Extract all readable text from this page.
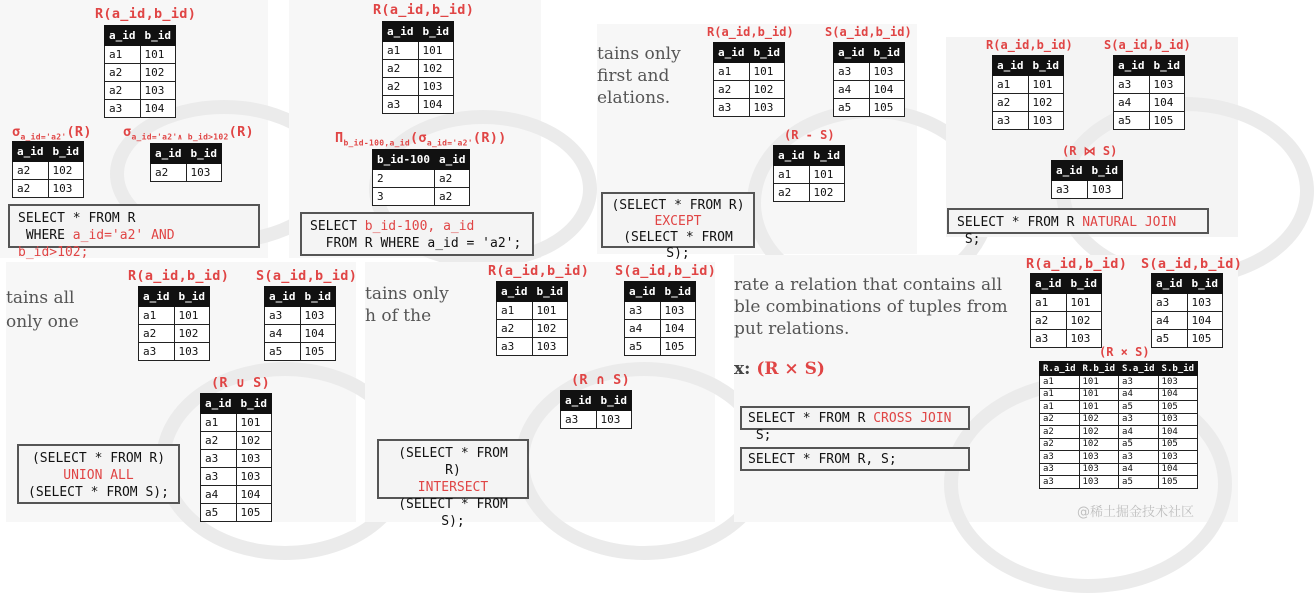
R(a_id,b_id)
a_id	b_id
a1	101
a2	102
a2	103
a3	104
$\sigma_{a\_id='a2'}(R)$ $\sigma_{a\_id='a2'\wedge b\_id>102}(R)$
a_id	b_id
a2	102
a2	103
a_id	b_id
a2	103
SELECT * FROM R
WHERE a_id='a2' AND b_id>102;
R(a_id,b_id)
a_id	b_id
a1	101
a2	102
a2	103
a3	104
$\Pi_{b\_id-100,a\_id}(\sigma_{a\_id='a2'}(R))$
b_id-100	a_id
2	a2
3	a2
SELECT b_id-100, a_id
FROM R WHERE a_id = 'a2';
tains only
first and
elations.
R(a_id,b_id)	S(a_id,b_id)
a_id	b_id
a1	101
a2	102
a3	103
a_id	b_id
a3	103
a4	104
a5	105
(R - S)
a_id	b_id
a1	101
a2	102
(SELECT * FROM R)
EXCEPT
(SELECT * FROM S);
R(a_id,b_id)	S(a_id,b_id)
a_id	b_id
a1	101
a2	102
a3	103
a_id	b_id
a3	103
a4	104
a5	105
(R ⋈ S)
a_id	b_id
a3	103
SELECT * FROM R NATURAL JOIN S;
tains all
only one
R(a_id,b_id) S(a_id,b_id)
a_id	b_id
a1	101
a2	102
a3	103
a_id	b_id
a3	103
a4	104
a5	105
(R ∪ S)
a_id	b_id
a1	101
a2	102
a3	103
a3	103
a4	104
a5	105
(SELECT * FROM R)
UNION ALL
(SELECT * FROM S);
tains only
h of the
R(a_id,b_id) S(a_id,b_id)
a_id	b_id
a1	101
a2	102
a3	103
a_id	b_id
a3	103
a4	104
a5	105
(R ∩ S)
a_id	b_id
a3	103
(SELECT * FROM R)
INTERSECT
(SELECT * FROM S);
rate a relation that contains all
ble combinations of tuples from
put relations.
x: (R × S)
R(a_id,b_id) S(a_id,b_id)
a_id	b_id
a1	101
a2	102
a3	103
a_id	b_id
a3	103
a4	104
a5	105
(R × S)
R.a_id	R.b_id	S.a_id	S.b_id
a1	101	a3	103
a1	101	a4	104
a1	101	a5	105
a2	102	a3	103
a2	102	a4	104
a2	102	a5	105
a3	103	a3	103
a3	103	a4	104
a3	103	a5	105
SELECT * FROM R CROSS JOIN S;
SELECT * FROM R, S;
@稀土掘金技术社区
